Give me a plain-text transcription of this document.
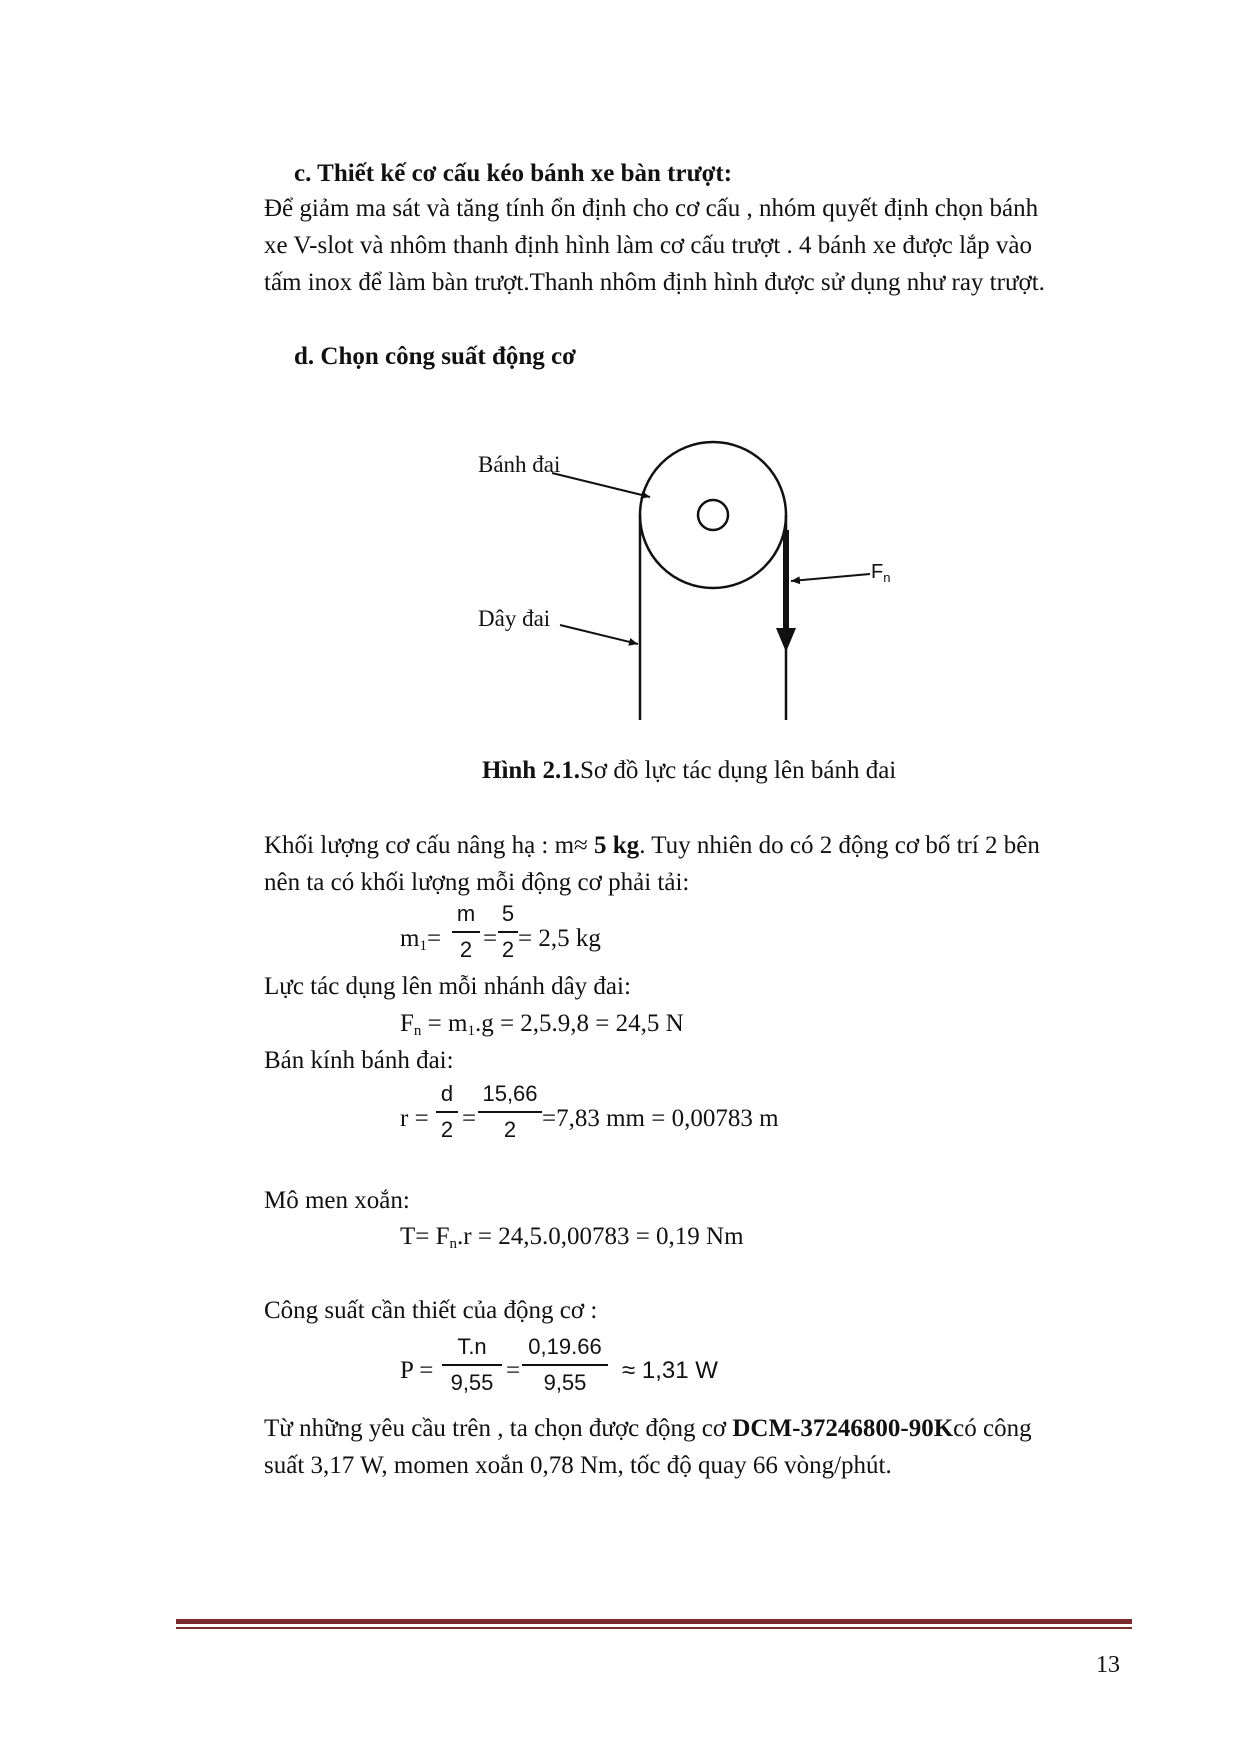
c. Thiết kế cơ cấu kéo bánh xe bàn trượt:
Để giảm ma sát và tăng tính ổn định cho cơ cấu , nhóm quyết định chọn bánh
xe V-slot và nhôm thanh định hình làm cơ cấu trượt . 4 bánh xe được lắp vào
tấm inox để làm bàn trượt.Thanh nhôm định hình được sử dụng như ray trượt.
d. Chọn công suất động cơ
Bánh đai
Dây đai
$F_n$
Hình 2.1.Sơ đồ lực tác dụng lên bánh đai
Khối lượng cơ cấu nâng hạ : m≈ 5 kg. Tuy nhiên do có 2 động cơ bố trí 2 bên
nên ta có khối lượng mỗi động cơ phải tải:
$m_1=$
m
2 =
5
2 = 2,5 kg
Lực tác dụng lên mỗi nhánh dây đai:
$F_n = m_1.g = 2,5.9,8 = 24,5$ N
Bán kính bánh đai:
r =
d
2 =
15,66
2	=7,83 mm = 0,00783 m
Mô men xoắn:
$T= F_n.r = 24,5.0,00783 = 0,19$ Nm
Công suất cần thiết của động cơ :
P =
T.n
9,55 =
0,19.66
9,55	≈ 1,31 W
Từ những yêu cầu trên , ta chọn được động cơ DCM-37246800-90Kcó công
suất 3,17 W, momen xoắn 0,78 Nm, tốc độ quay 66 vòng/phút.
13
